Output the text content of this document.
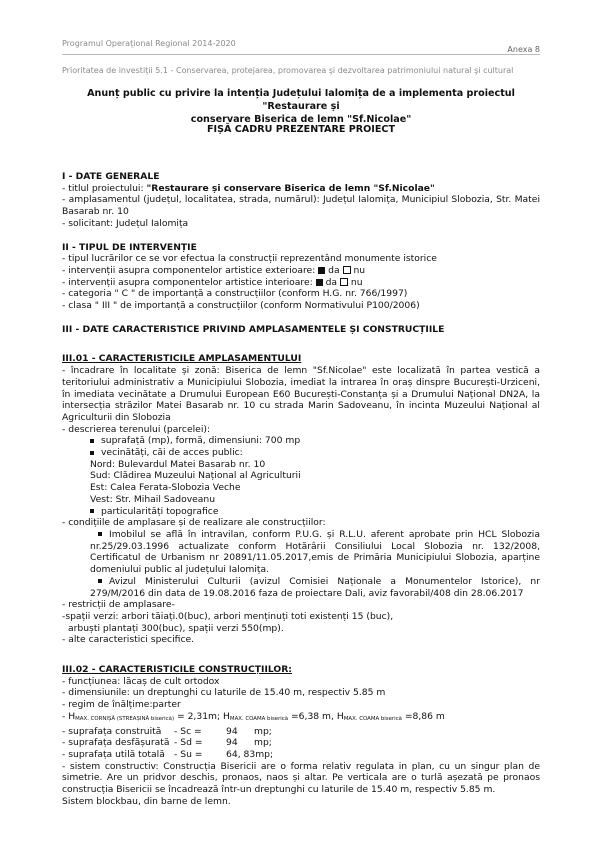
Programul Operațional Regional 2014-2020
Anexa 8
Prioritatea de investiții 5.1 - Conservarea, protejarea, promovarea şi dezvoltarea patrimoniului natural şi cultural
Anunț public cu privire la intenția Județului Ialomița de a implementa proiectul "Restaurare și
conservare Biserica de lemn "Sf.Nicolae"
FIȘĂ CADRU PREZENTARE PROIECT

I - DATE GENERALE

- titlul proiectului: "Restaurare și conservare Biserica de lemn "Sf.Nicolae"

- amplasamentul (județul, localitatea, strada, numărul): Județul Ialomița, Municipiul Slobozia, Str. Matei Basarab nr. 10

- solicitant: Județul Ialomița

II - TIPUL DE INTERVENȚIE

- tipul lucrărilor ce se vor efectua la construcții reprezentând monumente istorice

- intervenții asupra componentelor artistice exterioare:  da  nu

- intervenții asupra componentelor artistice interioare:  da  nu

- categoria " C " de importanță a construcțiilor (conform H.G. nr. 766/1997)

- clasa " III " de importanță a construcțiilor (conform Normativului P100/2006)

III - DATE CARACTERISTICE PRIVIND AMPLASAMENTELE ȘI CONSTRUCȚIILE

III.01 - CARACTERISTICILE AMPLASAMENTULUI

- încadrare în localitate și zonă: Biserica de lemn "Sf.Nicolae" este localizată în partea vestică a teritoriului administrativ a Municipiului Slobozia, imediat la intrarea în oraș dinspre București-Urziceni, în imediata vecinătate a Drumului European E60 București-Constanța și a Drumului Național DN2A, la intersecția străzilor Matei Basarab nr. 10 cu strada Marin Sadoveanu, în incinta Muzeului Național al Agriculturii din Slobozia

- descrierea terenului (parcelei):

suprafață (mp), formă, dimensiuni: 700 mp

vecinătăți, căi de acces public:

Nord: Bulevardul Matei Basarab nr. 10

Sud: Clădirea Muzeului Național al Agriculturii

Est: Calea Ferata-Slobozia Veche

Vest: Str. Mihail Sadoveanu

particularități topografice

- condițiile de amplasare și de realizare ale construcțiilor:

Imobilul se află în intravilan, conform P.U.G. și R.L.U. aferent aprobate prin HCL Slobozia nr.25/29.03.1996 actualizate conform Hotărârii Consiliului Local Slobozia nr. 132/2008, Certificatul de Urbanism nr 20891/11.05.2017,emis de Primăria Municipiului Slobozia, aparține domeniului public al județului Ialomița.

Avizul Ministerului Culturii (avizul Comisiei Naționale a Monumentelor Istorice), nr 279/M/2016 din data de 19.08.2016 faza de proiectare Dali, aviz favorabil/408 din 28.06.2017

- restricții de amplasare-

-spații verzi: arbori tăiați.0(buc), arbori menținuți toti existenți 15 (buc),

arbuști plantați 300(buc), spații verzi 550(mp).

- alte caracteristici specifice.

III.02 - CARACTERISTICILE CONSTRUCȚIILOR:

- funcțiunea: lăcaș de cult ortodox

- dimensiunile: un dreptunghi cu laturile de 15.40 m, respectiv 5.85 m

- regim de înălțime:parter

- $H_{MAX. CORNIȘĂ (STREAȘINĂ biserică)} = 2,31m$; $H_{MAX. COAMA biserică} =6,38$ m, $H_{MAX. COAMA biserică} =8,86$ m

- suprafața construită - Sc =	94 mp;

- suprafața desfășurată - Sd =	94 mp;

- suprafața utilă totală - Su =	64, 83mp;

- sistem constructiv: Construcția Bisericii are o forma relativ regulata in plan, cu un singur plan de simetrie. Are un pridvor deschis, pronaos, naos și altar. Pe verticala are o turlă așezată pe pronaos construcția Bisericii se încadrează într-un dreptunghi cu laturile de 15.40 m, respectiv 5.85 m.

Sistem blockbau, din barne de lemn.
